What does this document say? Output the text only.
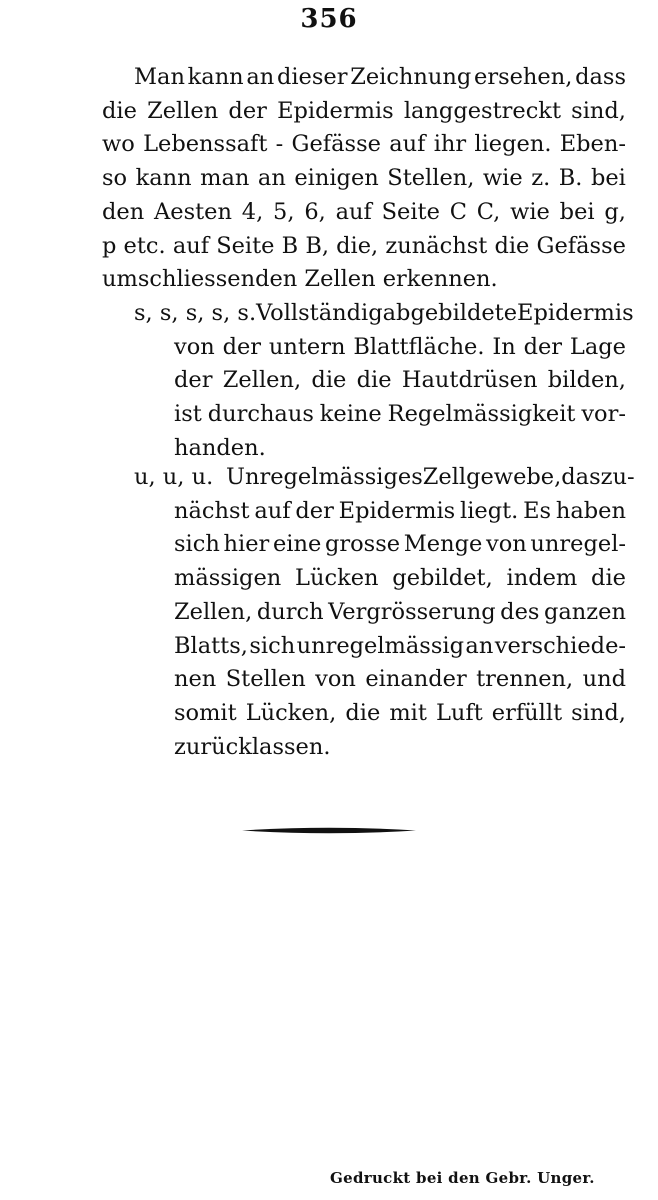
356
Man kann an dieser Zeichnung ersehen, dass
die Zellen der Epidermis langgestreckt sind,
wo Lebenssaft - Gefässe auf ihr liegen. Eben-
so kann man an einigen Stellen, wie z. B. bei
den Aesten 4, 5, 6, auf Seite C C, wie bei g,
p etc. auf Seite B B, die, zunächst die Gefässe
umschliessenden Zellen erkennen.
s, s, s, s, s. Vollständig abgebildete Epidermis
von der untern Blattfläche. In der Lage
der Zellen, die die Hautdrüsen bilden,
ist durchaus keine Regelmässigkeit vor-
handen.
u, u, u. Unregelmässiges Zellgewebe, das zu-
nächst auf der Epidermis liegt. Es haben
sich hier eine grosse Menge von unregel-
mässigen Lücken gebildet, indem die
Zellen, durch Vergrösserung des ganzen
Blatts, sich unregelmässig an verschiede-
nen Stellen von einander trennen, und
somit Lücken, die mit Luft erfüllt sind,
zurücklassen.
Gedruckt bei den Gebr. Unger.
